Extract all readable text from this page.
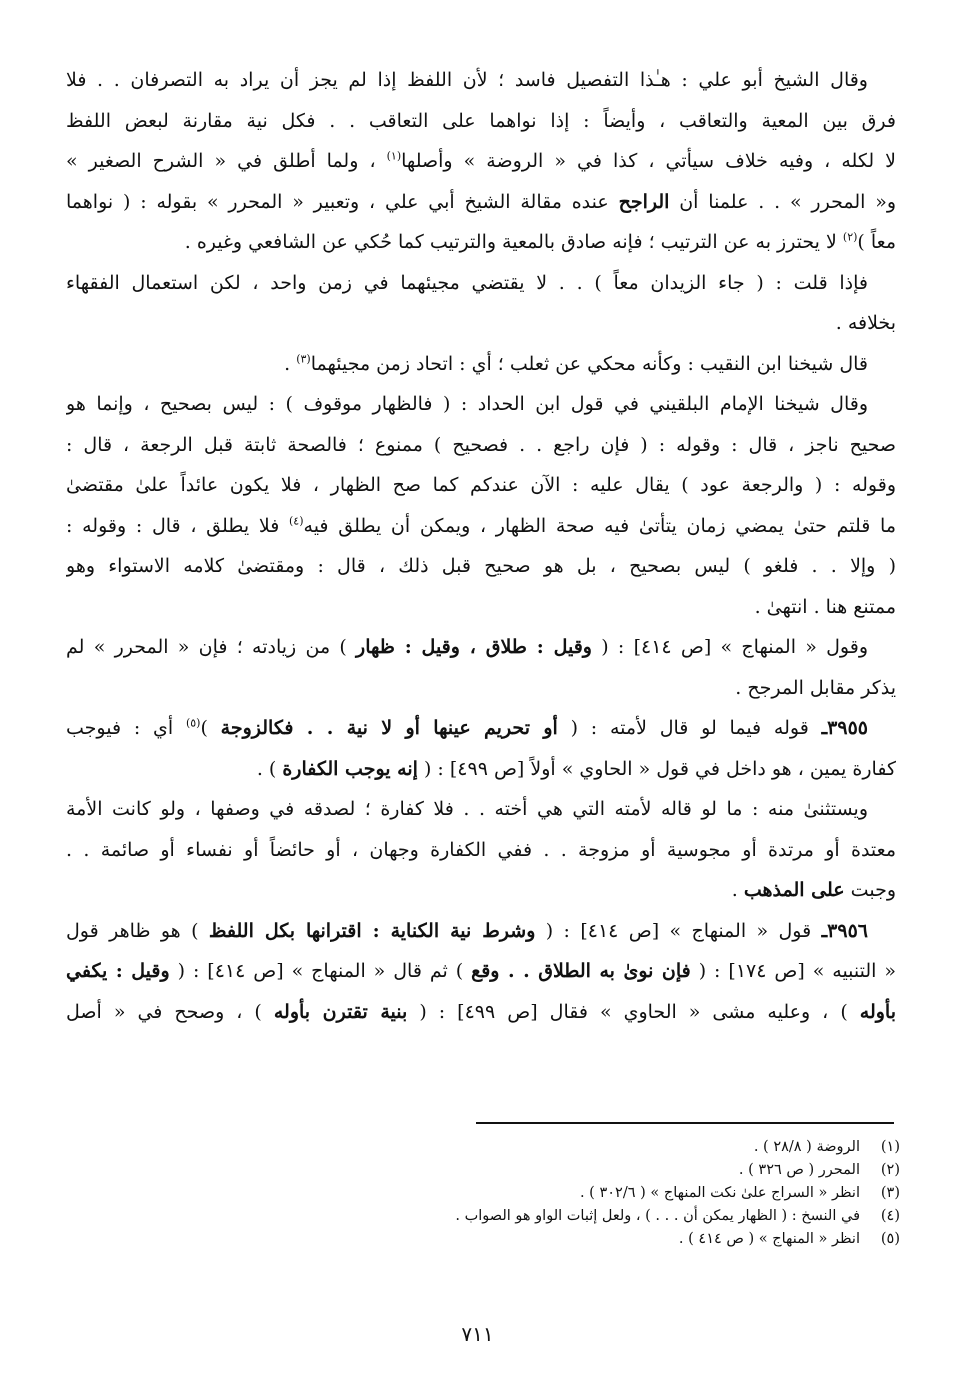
وقال الشيخ أبو علي : هـٰذا التفصيل فاسد ؛ لأن اللفظ إذا لم يجز أن يراد به التصرفان . . فلا
فرق بين المعية والتعاقب ، وأيضاً : إذا نواهما على التعاقب . . فكل نية مقارنة لبعض اللفظ
لا لكله ، وفيه خلاف سيأتي ، كذا في « الروضة » وأصلها$^{(١)}$ ، ولما أطلق في « الشرح الصغير »
و« المحرر » . . علمنا أن الراجح عنده مقالة الشيخ أبي علي ، وتعبير « المحرر » بقوله : ( نواهما
معاً )$^{(٢)}$ لا يحترز به عن الترتيب ؛ فإنه صادق بالمعية والترتيب كما حُكي عن الشافعي وغيره .
فإذا قلت : ( جاء الزيدان معاً ) . . لا يقتضي مجيئهما في زمن واحد ، لكن استعمال الفقهاء
بخلافه .
قال شيخنا ابن النقيب : وكأنه محكي عن ثعلب ؛ أي : اتحاد زمن مجيئهما$^{(٣)}$ .
وقال شيخنا الإمام البلقيني في قول ابن الحداد : ( فالظهار موقوف ) : ليس بصحيح ، وإنما هو
صحيح ناجز ، قال : وقوله : ( فإن راجع . . فصحيح ) ممنوع ؛ فالصحة ثابتة قبل الرجعة ، قال :
وقوله : ( والرجعة عود ) يقال عليه : الآن عندكم كما صح الظهار ، فلا يكون عائداً علىٰ مقتضىٰ
ما قلتم حتىٰ يمضي زمان يتأتىٰ فيه صحة الظهار ، ويمكن أن يطلق فيه$^{(٤)}$ فلا يطلق ، قال : وقوله :
( وإلا . . فلغو ) ليس بصحيح ، بل هو صحيح قبل ذلك ، قال : ومقتضىٰ كلامه الاستواء وهو
ممتنع هنا . انتهىٰ .
وقول « المنهاج » [ص ٤١٤] : ( وقيل : طلاق ، وقيل : ظهار ) من زيادته ؛ فإن « المحرر » لم
يذكر مقابل المرجح .
٣٩٥٥ـ قوله فيما لو قال لأمته : ( أو تحريم عينها أو لا نية . . فكالزوجة )$^{(٥)}$ أي : فيوجب
كفارة يمين ، هو داخل في قول « الحاوي » أولاً [ص ٤٩٩] : ( إنه يوجب الكفارة ) .
ويستثنىٰ منه : ما لو قاله لأمته التي هي أخته . . فلا كفارة ؛ لصدقه في وصفها ، ولو كانت الأمة
معتدة أو مرتدة أو مجوسية أو مزوجة . . ففي الكفارة وجهان ، أو حائضاً أو نفساء أو صائمة . .
وجبت على المذهب .
٣٩٥٦ـ قول « المنهاج » [ص ٤١٤] : ( وشرط نية الكناية : اقترانها بكل اللفظ ) هو ظاهر قول
« التنبيه » [ص ١٧٤] : ( فإن نوىٰ به الطلاق . . وقع ) ثم قال « المنهاج » [ص ٤١٤] : ( وقيل : يكفي
بأوله ) ، وعليه مشى « الحاوي » فقال [ص ٤٩٩] : ( بنية تقترن بأوله ) ، وصحح في « أصل
(١)
الروضة ( ٢٨/٨ ) .
(٢)
المحرر ( ص ٣٢٦ ) .
(٣)
انظر « السراج علىٰ نكت المنهاج » ( ٣٠٢/٦ ) .
(٤)
في النسخ : ( الظهار يمكن أن . . . ) ، ولعل إثبات الواو هو الصواب .
(٥)
انظر « المنهاج » ( ص ٤١٤ ) .
٧١١
